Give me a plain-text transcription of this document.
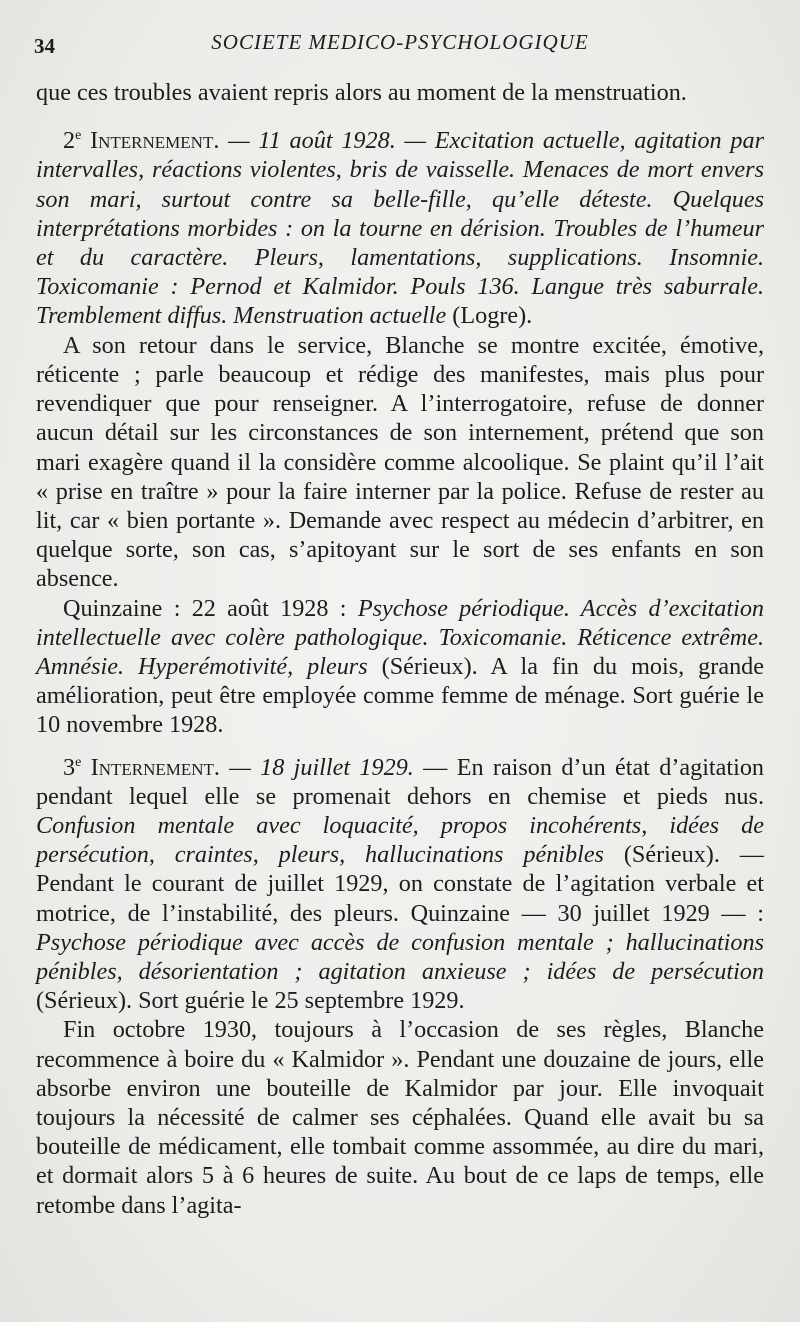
34	SOCIETE MEDICO-PSYCHOLOGIQUE

que ces troubles avaient repris alors au moment de la menstruation.

2e Internement. — 11 août 1928. — Excitation actuelle, agitation par intervalles, réactions violentes, bris de vaisselle. Menaces de mort envers son mari, surtout contre sa belle-fille, qu’elle déteste. Quelques interprétations morbides : on la tourne en dérision. Troubles de l’humeur et du caractère. Pleurs, lamentations, supplications. Insomnie. Toxicomanie : Pernod et Kalmidor. Pouls 136. Langue très saburrale. Tremblement diffus. Menstruation actuelle (Logre).

A son retour dans le service, Blanche se montre excitée, émotive, réticente ; parle beaucoup et rédige des manifestes, mais plus pour revendiquer que pour renseigner. A l’interrogatoire, refuse de donner aucun détail sur les circonstances de son internement, prétend que son mari exagère quand il la considère comme alcoolique. Se plaint qu’il l’ait « prise en traître » pour la faire interner par la police. Refuse de rester au lit, car « bien portante ». Demande avec respect au médecin d’arbitrer, en quelque sorte, son cas, s’apitoyant sur le sort de ses enfants en son absence.

Quinzaine : 22 août 1928 : Psychose périodique. Accès d’excitation intellectuelle avec colère pathologique. Toxicomanie. Réticence extrême. Amnésie. Hyperémotivité, pleurs (Sérieux). A la fin du mois, grande amélioration, peut être employée comme femme de ménage. Sort guérie le 10 novembre 1928.

3e Internement. — 18 juillet 1929. — En raison d’un état d’agitation pendant lequel elle se promenait dehors en chemise et pieds nus. Confusion mentale avec loquacité, propos incohérents, idées de persécution, craintes, pleurs, hallucinations pénibles (Sérieux). — Pendant le courant de juillet 1929, on constate de l’agitation verbale et motrice, de l’instabilité, des pleurs. Quinzaine — 30 juillet 1929 — : Psychose périodique avec accès de confusion mentale ; hallucinations pénibles, désorientation ; agitation anxieuse ; idées de persécution (Sérieux). Sort guérie le 25 septembre 1929.

Fin octobre 1930, toujours à l’occasion de ses règles, Blanche recommence à boire du « Kalmidor ». Pendant une douzaine de jours, elle absorbe environ une bouteille de Kalmidor par jour. Elle invoquait toujours la nécessité de calmer ses céphalées. Quand elle avait bu sa bouteille de médicament, elle tombait comme assommée, au dire du mari, et dormait alors 5 à 6 heures de suite. Au bout de ce laps de temps, elle retombe dans l’agita-
